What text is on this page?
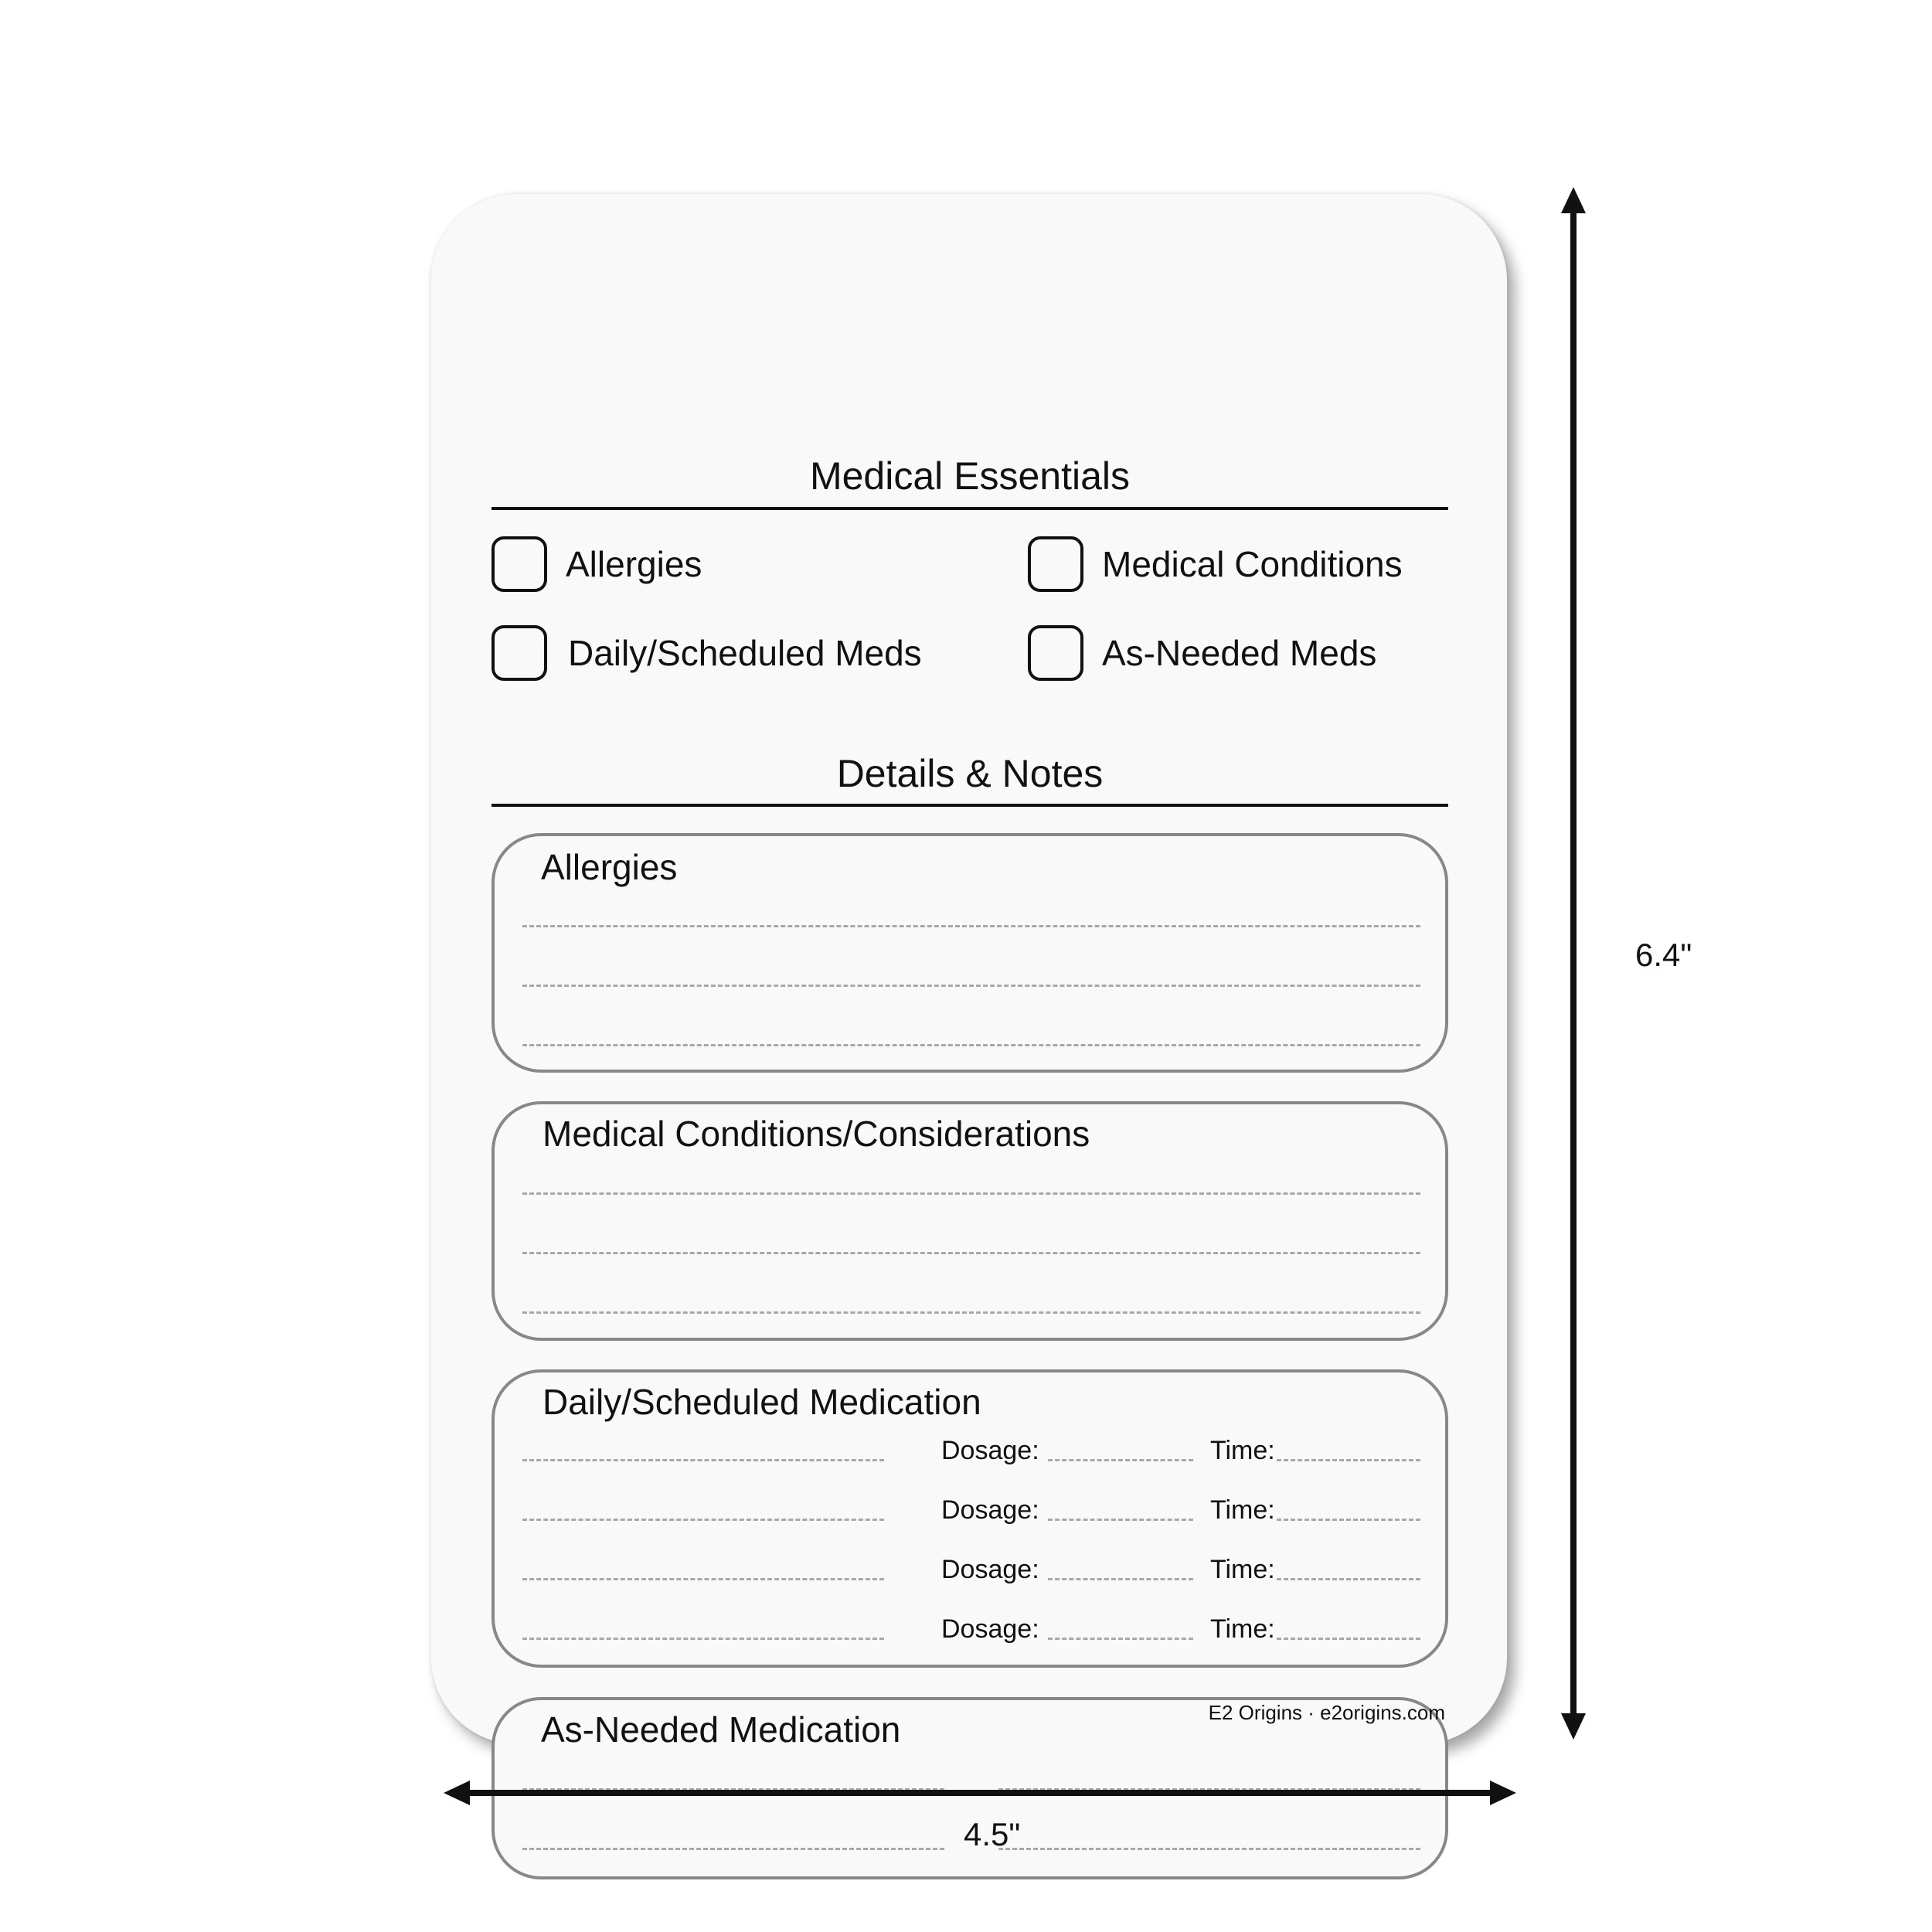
Medical Essentials
Allergies	Medical Conditions
Daily/Scheduled Meds	As-Needed Meds
Details & Notes
Allergies
Medical Conditions/Considerations
Daily/Scheduled Medication
Dosage:	Time:
Dosage:	Time:
Dosage:	Time:
Dosage:	Time:
As-Needed Medication	E2 Origins · e2origins.com
6.4"
4.5"
